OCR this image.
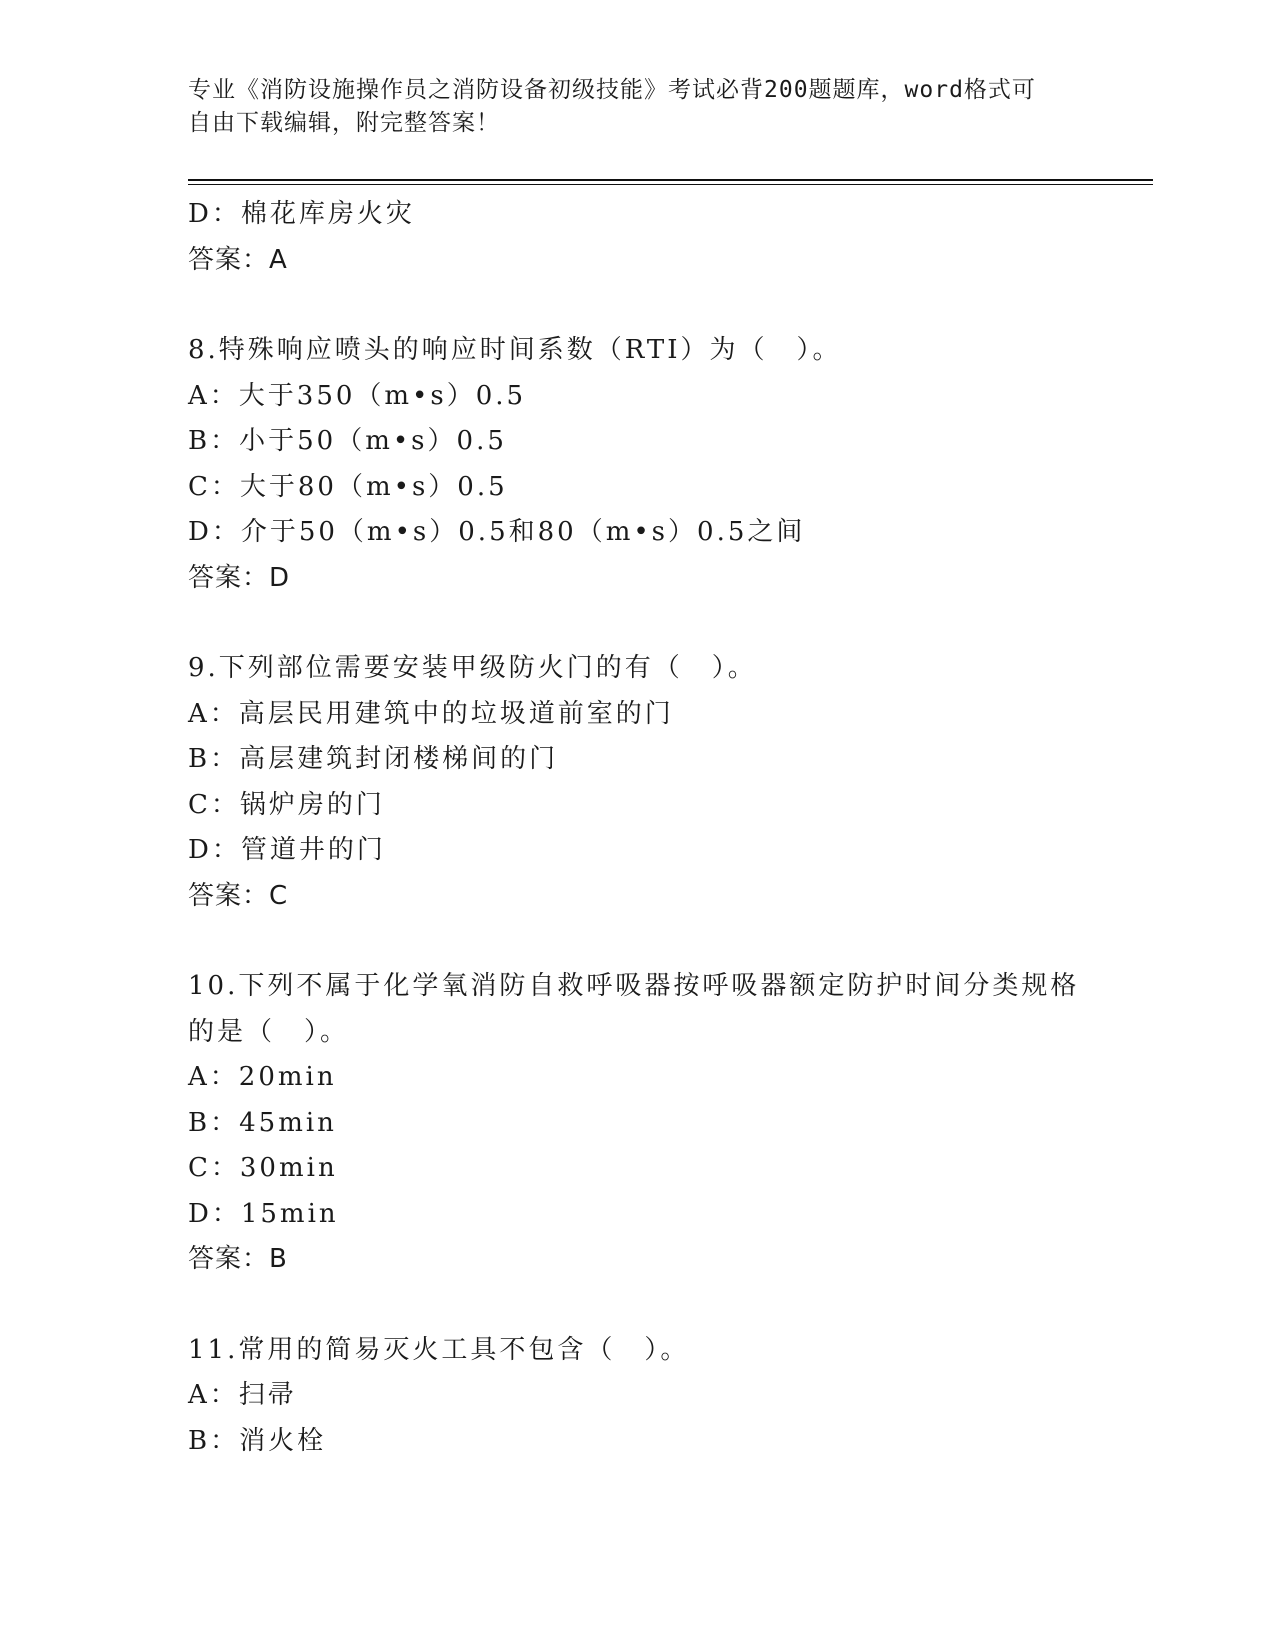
专业《消防设施操作员之消防设备初级技能》考试必背200题题库，word格式可
自由下载编辑，附完整答案！
D：棉花库房火灾
答案：A
8.特殊响应喷头的响应时间系数（RTI）为（　）。
A：大于350（m•s）0.5
B：小于50（m•s）0.5
C：大于80（m•s）0.5
D：介于50（m•s）0.5和80（m•s）0.5之间
答案：D
9.下列部位需要安装甲级防火门的有（　）。
A：高层民用建筑中的垃圾道前室的门
B：高层建筑封闭楼梯间的门
C：锅炉房的门
D：管道井的门
答案：C
10.下列不属于化学氧消防自救呼吸器按呼吸器额定防护时间分类规格
的是（　）。
A：20min
B：45min
C：30min
D：15min
答案：B
11.常用的简易灭火工具不包含（　）。
A：扫帚
B：消火栓
